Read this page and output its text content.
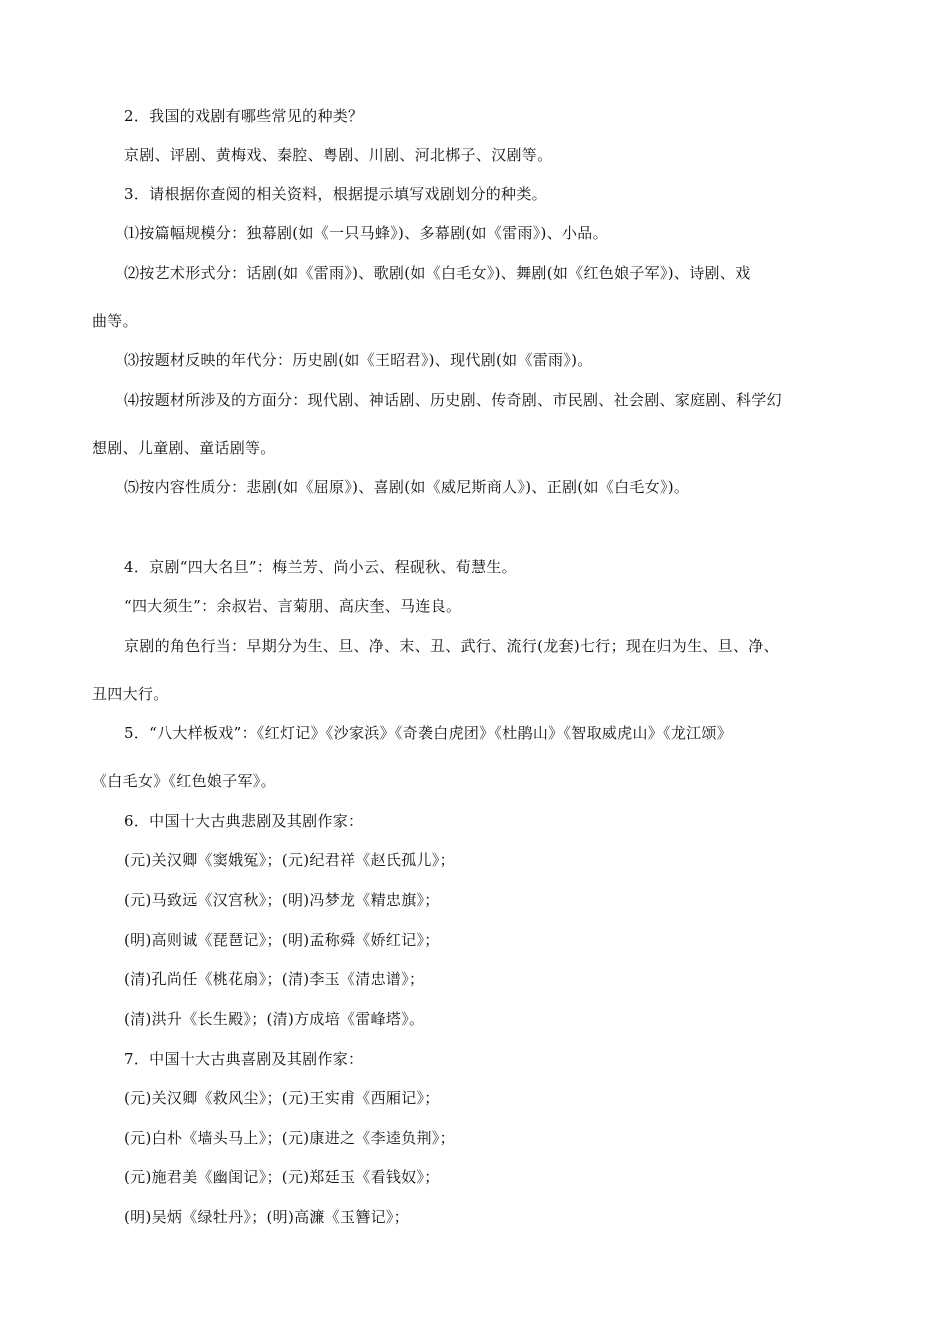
2．我国的戏剧有哪些常见的种类？
京剧、评剧、黄梅戏、秦腔、粤剧、川剧、河北梆子、汉剧等。
3．请根据你查阅的相关资料，根据提示填写戏剧划分的种类。
⑴按篇幅规模分：独幕剧(如《一只马蜂》)、多幕剧(如《雷雨》)、小品。
⑵按艺术形式分：话剧(如《雷雨》)、歌剧(如《白毛女》)、舞剧(如《红色娘子军》)、诗剧、戏
曲等。
⑶按题材反映的年代分：历史剧(如《王昭君》)、现代剧(如《雷雨》)。
⑷按题材所涉及的方面分：现代剧、神话剧、历史剧、传奇剧、市民剧、社会剧、家庭剧、科学幻
想剧、儿童剧、童话剧等。
⑸按内容性质分：悲剧(如《屈原》)、喜剧(如《威尼斯商人》)、正剧(如《白毛女》)。
4．京剧“四大名旦”：梅兰芳、尚小云、程砚秋、荀慧生。
“四大须生”：余叔岩、言菊朋、高庆奎、马连良。
京剧的角色行当：早期分为生、旦、净、末、丑、武行、流行(龙套)七行；现在归为生、旦、净、
丑四大行。
5．“八大样板戏”：《红灯记》《沙家浜》《奇袭白虎团》《杜鹃山》《智取威虎山》《龙江颂》
《白毛女》《红色娘子军》。
6．中国十大古典悲剧及其剧作家：
(元)关汉卿《窦娥冤》；(元)纪君祥《赵氏孤儿》；
(元)马致远《汉宫秋》；(明)冯梦龙《精忠旗》；
(明)高则诚《琵琶记》；(明)孟称舜《娇红记》；
(清)孔尚任《桃花扇》；(清)李玉《清忠谱》；
(清)洪升《长生殿》；(清)方成培《雷峰塔》。
7．中国十大古典喜剧及其剧作家：
(元)关汉卿《救风尘》；(元)王实甫《西厢记》；
(元)白朴《墙头马上》；(元)康进之《李逵负荆》；
(元)施君美《幽闺记》；(元)郑廷玉《看钱奴》；
(明)吴炳《绿牡丹》；(明)高濂《玉簪记》；
